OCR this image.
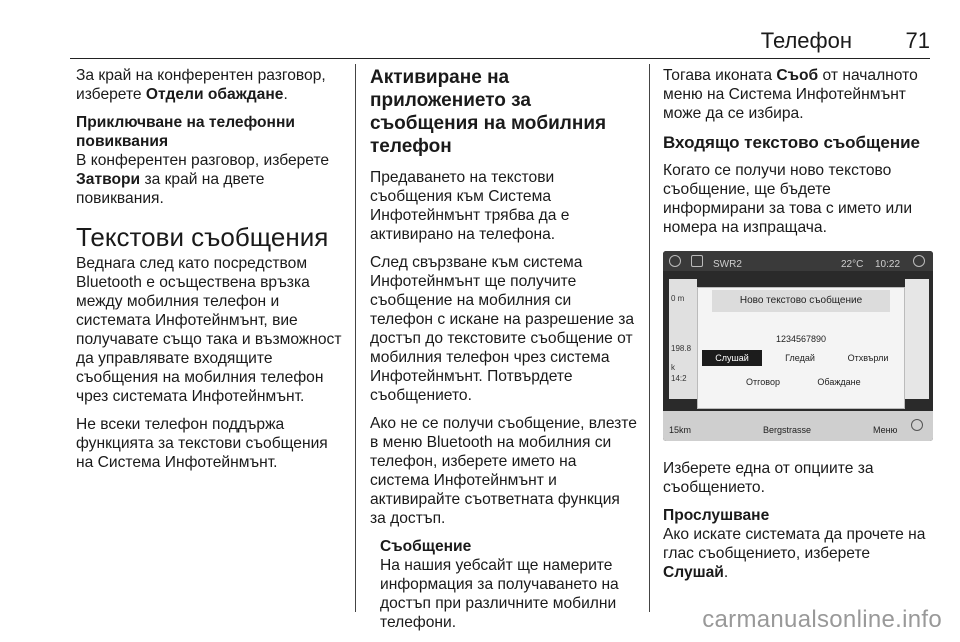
Телефон 71

За край на конферентен разговор, изберете Отдели обаждане.

Приключване на телефонни повиквания

В конферентен разговор, изберете Затвори за край на двете повиквания.

Текстови съобщения

Веднага след като посредством Bluetooth е осъществена връзка между мобилния телефон и системата Инфотейнмънт, вие получавате също така и възможност да управлявате входящите съобщения на мобилния телефон чрез системата Инфотейнмънт.

Не всеки телефон поддържа функцията за текстови съобщения на Система Инфотейнмънт.

Активиране на приложението за съобщения на мобилния телефон

Предаването на текстови съобщения към Система Инфотейнмънт трябва да е активирано на телефона.

След свързване към система Инфотейнмънт ще получите съобщение на мобилния си телефон с искане на разрешение за достъп до текстовите съобщение от мобилния телефон чрез система Инфотейнмънт. Потвърдете съобщението.

Ако не се получи съобщение, влезте в меню Bluetooth на мобилния си телефон, изберете името на система Инфотейнмънт и активирайте съответната функция за достъп.

Съобщение

На нашия уебсайт ще намерите информация за получаването на достъп при различните мобилни телефони.

Тогава иконата Съоб от началното меню на Система Инфотейнмънт може да се избира.

Входящо текстово съобщение

Когато се получи ново текстово съобщение, ще бъдете информирани за това с името или номера на изпращача.

SWR2	22°C 10:22
0 m
198.8 k
14:2
Ново текстово съобщение
1234567890
Слушай	Гледай	Отхвърли
Отговор	Обаждане
15km	Bergstrasse	Меню

Изберете една от опциите за съобщението.

Прослушване

Ако искате системата да прочете на глас съобщението, изберете Слушай.

carmanualsonline.info
